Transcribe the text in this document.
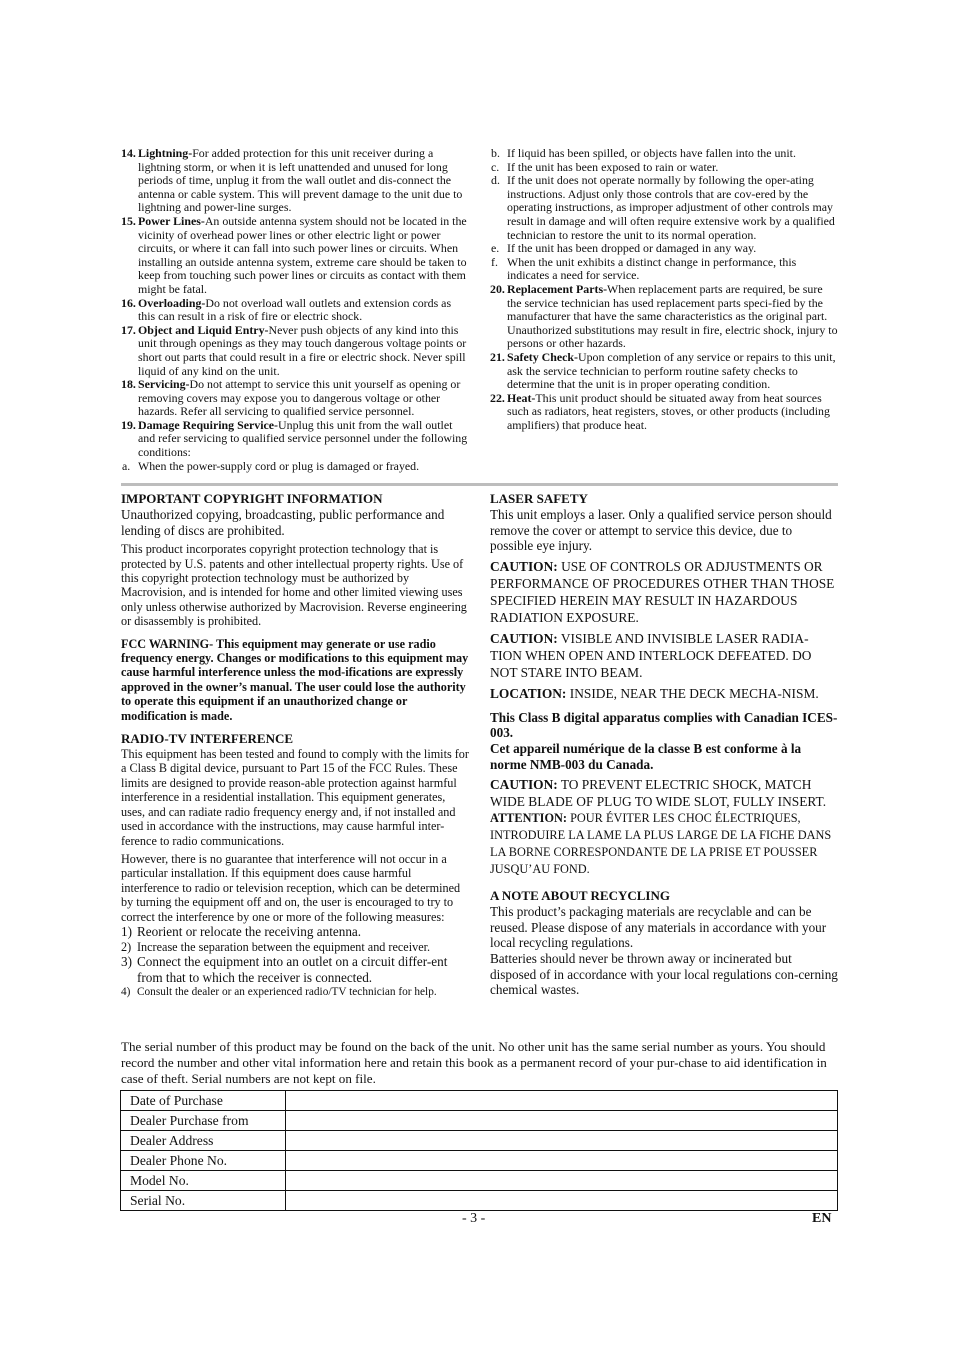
14. Lightning-For added protection for this unit receiver during a lightning storm, or when it is left unattended and unused for long periods of time, unplug it from the wall outlet and dis-connect the antenna or cable system. This will prevent damage to the unit due to lightning and power-line surges.
15. Power Lines-An outside antenna system should not be located in the vicinity of overhead power lines or other electric light or power circuits, or where it can fall into such power lines or circuits. When installing an outside antenna system, extreme care should be taken to keep from touching such power lines or circuits as contact with them might be fatal.
16. Overloading-Do not overload wall outlets and extension cords as this can result in a risk of fire or electric shock.
17. Object and Liquid Entry-Never push objects of any kind into this unit through openings as they may touch dangerous voltage points or short out parts that could result in a fire or electric shock. Never spill liquid of any kind on the unit.
18. Servicing-Do not attempt to service this unit yourself as opening or removing covers may expose you to dangerous voltage or other hazards. Refer all servicing to qualified service personnel.
19. Damage Requiring Service-Unplug this unit from the wall outlet and refer servicing to qualified service personnel under the following conditions:
a. When the power-supply cord or plug is damaged or frayed.
b. If liquid has been spilled, or objects have fallen into the unit.
c. If the unit has been exposed to rain or water.
d. If the unit does not operate normally by following the oper-ating instructions. Adjust only those controls that are cov-ered by the operating instructions, as improper adjustment of other controls may result in damage and will often require extensive work by a qualified technician to restore the unit to its normal operation.
e. If the unit has been dropped or damaged in any way.
f. When the unit exhibits a distinct change in performance, this indicates a need for service.
20. Replacement Parts-When replacement parts are required, be sure the service technician has used replacement parts speci-fied by the manufacturer that have the same characteristics as the original part. Unauthorized substitutions may result in fire, electric shock, injury to persons or other hazards.
21. Safety Check-Upon completion of any service or repairs to this unit, ask the service technician to perform routine safety checks to determine that the unit is in proper operating condition.
22. Heat-This unit product should be situated away from heat sources such as radiators, heat registers, stoves, or other products (including amplifiers) that produce heat.
IMPORTANT COPYRIGHT INFORMATION
Unauthorized copying, broadcasting, public performance and lending of discs are prohibited.
This product incorporates copyright protection technology that is protected by U.S. patents and other intellectual property rights. Use of this copyright protection technology must be authorized by Macrovision, and is intended for home and other limited viewing uses only unless otherwise authorized by Macrovision. Reverse engineering or disassembly is prohibited.
FCC WARNING- This equipment may generate or use radio frequency energy. Changes or modifications to this equipment may cause harmful interference unless the mod-ifications are expressly approved in the owner’s manual. The user could lose the authority to operate this equipment if an unauthorized change or modification is made.
RADIO-TV INTERFERENCE
This equipment has been tested and found to comply with the limits for a Class B digital device, pursuant to Part 15 of the FCC Rules. These limits are designed to provide reason-able protection against harmful interference in a residential installation. This equipment generates, uses, and can radiate radio frequency energy and, if not installed and used in accordance with the instructions, may cause harmful inter-ference to radio communications.
However, there is no guarantee that interference will not occur in a particular installation. If this equipment does cause harmful interference to radio or television reception, which can be determined by turning the equipment off and on, the user is encouraged to try to correct the interference by one or more of the following measures:
1) Reorient or relocate the receiving antenna.
2) Increase the separation between the equipment and receiver.
3) Connect the equipment into an outlet on a circuit differ-ent from that to which the receiver is connected.
4) Consult the dealer or an experienced radio/TV technician for help.
LASER SAFETY
This unit employs a laser. Only a qualified service person should remove the cover or attempt to service this device, due to possible eye injury.
CAUTION: USE OF CONTROLS OR ADJUSTMENTS OR PERFORMANCE OF PROCEDURES OTHER THAN THOSE SPECIFIED HEREIN MAY RESULT IN HAZARDOUS RADIATION EXPOSURE.
CAUTION: VISIBLE AND INVISIBLE LASER RADIA-TION WHEN OPEN AND INTERLOCK DEFEATED. DO NOT STARE INTO BEAM.
LOCATION: INSIDE, NEAR THE DECK MECHA-NISM.
This Class B digital apparatus complies with Canadian ICES-003.
Cet appareil numérique de la classe B est conforme à la norme NMB-003 du Canada.
CAUTION: TO PREVENT ELECTRIC SHOCK, MATCH WIDE BLADE OF PLUG TO WIDE SLOT, FULLY INSERT.
ATTENTION: POUR ÉVITER LES CHOC ÉLECTRIQUES, INTRODUIRE LA LAME LA PLUS LARGE DE LA FICHE DANS LA BORNE CORRESPONDANTE DE LA PRISE ET POUSSER JUSQU’AU FOND.
A NOTE ABOUT RECYCLING
This product’s packaging materials are recyclable and can be reused. Please dispose of any materials in accordance with your local recycling regulations.
Batteries should never be thrown away or incinerated but disposed of in accordance with your local regulations con-cerning chemical wastes.
The serial number of this product may be found on the back of the unit. No other unit has the same serial number as yours. You should record the number and other vital information here and retain this book as a permanent record of your pur-chase to aid identification in case of theft. Serial numbers are not kept on file.
Date of Purchase	
Dealer Purchase from	
Dealer Address	
Dealer Phone No.	
Model No.	
Serial No.	
- 3 -	EN
